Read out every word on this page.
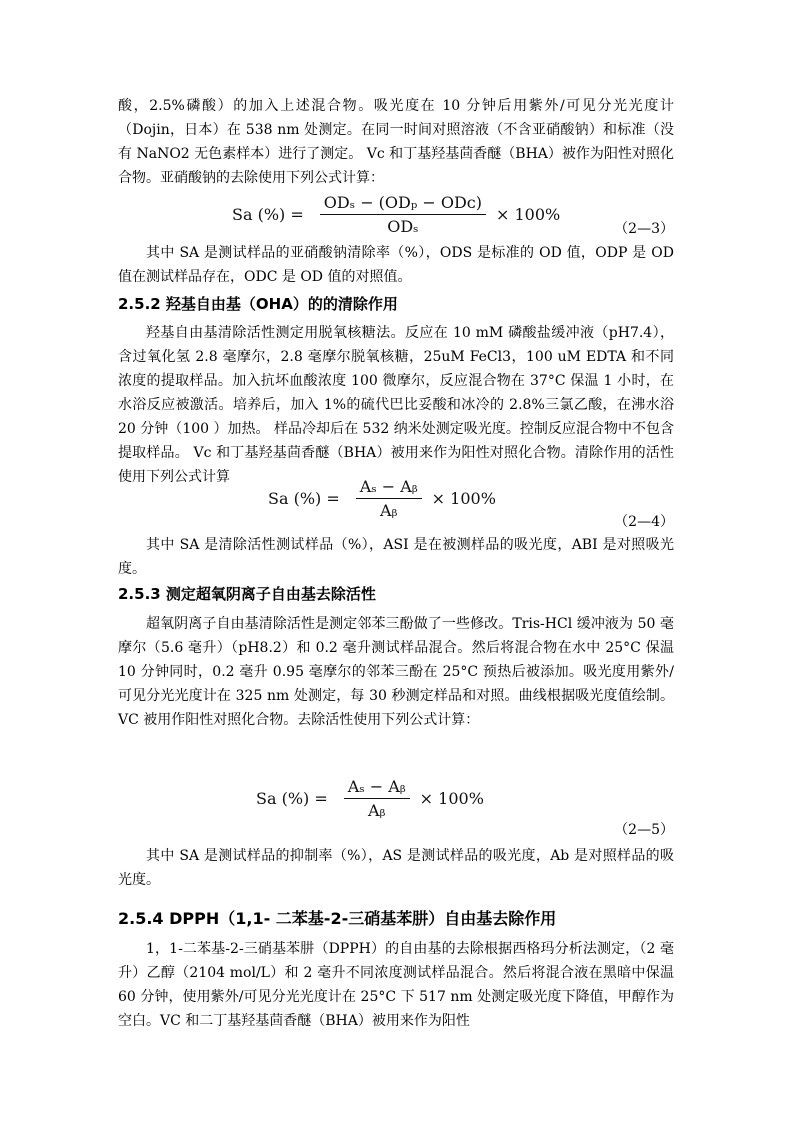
酸，2.5%磷酸）的加入上述混合物。吸光度在 10 分钟后用紫外/可见分光光度计（Dojin，日本）在 538 nm 处测定。在同一时间对照溶液（不含亚硝酸钠）和标准（没有 NaNO2 无色素样本）进行了测定。 Vc 和丁基羟基茴香醚（BHA）被作为阳性对照化合物。亚硝酸钠的去除使用下列公式计算：

Sa (%) = $\frac{\text{ODₛ − (ODₚ − ODᴄ)}}{\text{ODₛ}} \times 100\%$
（2—3）

其中 SA 是测试样品的亚硝酸钠清除率（%），ODS 是标准的 OD 值，ODP 是 OD 值在测试样品存在，ODC 是 OD 值的对照值。

2.5.2 羟基自由基（OHA）的的清除作用

羟基自由基清除活性测定用脱氧核糖法。反应在 10 mM 磷酸盐缓冲液（pH7.4），含过氧化氢 2.8 毫摩尔，2.8 毫摩尔脱氧核糖，25uM FeCl3，100 uM EDTA 和不同浓度的提取样品。加入抗坏血酸浓度 100 微摩尔，反应混合物在 37°C 保温 1 小时，在水浴反应被激活。培养后，加入 1%的硫代巴比妥酸和冰冷的 2.8%三氯乙酸，在沸水浴 20 分钟（100 ）加热。 样品冷却后在 532 纳米处测定吸光度。控制反应混合物中不包含提取样品。 Vc 和丁基羟基茴香醚（BHA）被用来作为阳性对照化合物。清除作用的活性使用下列公式计算

Sa (%) = $\frac{\text{Aₛ − Aᵦ}}{\text{Aᵦ}} \times 100\%$
（2—4）

其中 SA 是清除活性测试样品（%），ASI 是在被测样品的吸光度，ABI 是对照吸光度。

2.5.3 测定超氧阴离子自由基去除活性

超氧阴离子自由基清除活性是测定邻苯三酚做了一些修改。Tris-HCl 缓冲液为 50 毫摩尔（5.6 毫升）（pH8.2）和 0.2 毫升测试样品混合。然后将混合物在水中 25°C 保温 10 分钟同时，0.2 毫升 0.95 毫摩尔的邻苯三酚在 25°C 预热后被添加。吸光度用紫外/可见分光光度计在 325 nm 处测定，每 30 秒测定样品和对照。曲线根据吸光度值绘制。 VC 被用作阳性对照化合物。去除活性使用下列公式计算：

Sa (%) = $\frac{\text{Aₛ − Aᵦ}}{\text{Aᵦ}} \times 100\%$
（2—5）

其中 SA 是测试样品的抑制率（%），AS 是测试样品的吸光度，Ab 是对照样品的吸光度。

2.5.4 DPPH（1,1- 二苯基-2-三硝基苯肼）自由基去除作用

1，1-二苯基-2-三硝基苯肼（DPPH）的自由基的去除根据西格玛分析法测定，（2 毫升）乙醇（2104 mol/L）和 2 毫升不同浓度测试样品混合。然后将混合液在黑暗中保温 60 分钟，使用紫外/可见分光光度计在 25°C 下 517 nm 处测定吸光度下降值，甲醇作为空白。VC 和二丁基羟基茴香醚（BHA）被用来作为阳性
